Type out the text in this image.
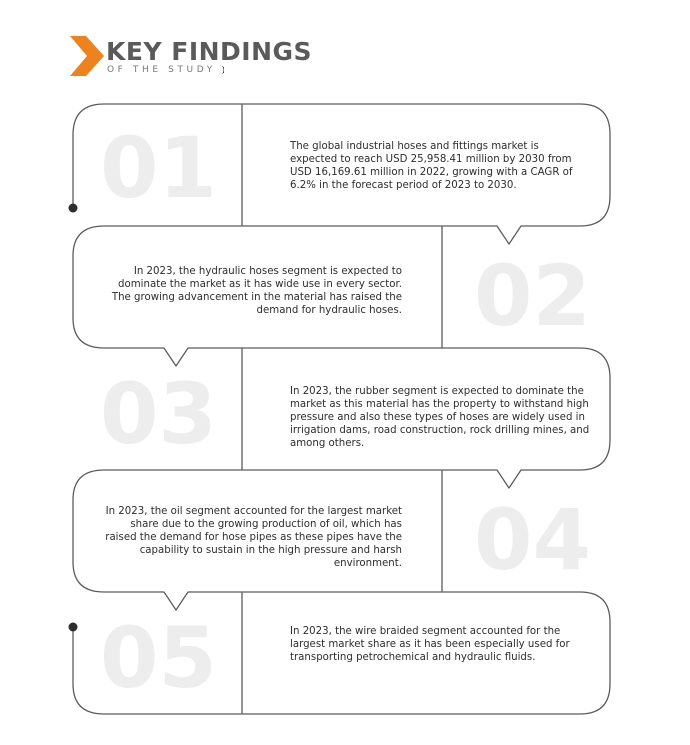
KEY FINDINGS
OF THE STUDY
01
02
03
04
05
The global industrial hoses and fittings market is expected to reach USD 25,958.41 million by 2030 from USD 16,169.61 million in 2022, growing with a CAGR of 6.2% in the forecast period of 2023 to 2030.
In 2023, the hydraulic hoses segment is expected to dominate the market as it has wide use in every sector. The growing advancement in the material has raised the demand for hydraulic hoses.
In 2023, the rubber segment is expected to dominate the market as this material has the property to withstand high pressure and also these types of hoses are widely used in irrigation dams, road construction, rock drilling mines, and among others.
In 2023, the oil segment accounted for the largest market share due to the growing production of oil, which has raised the demand for hose pipes as these pipes have the capability to sustain in the high pressure and harsh environment.
In 2023, the wire braided segment accounted for the largest market share as it has been especially used for transporting petrochemical and hydraulic fluids.
